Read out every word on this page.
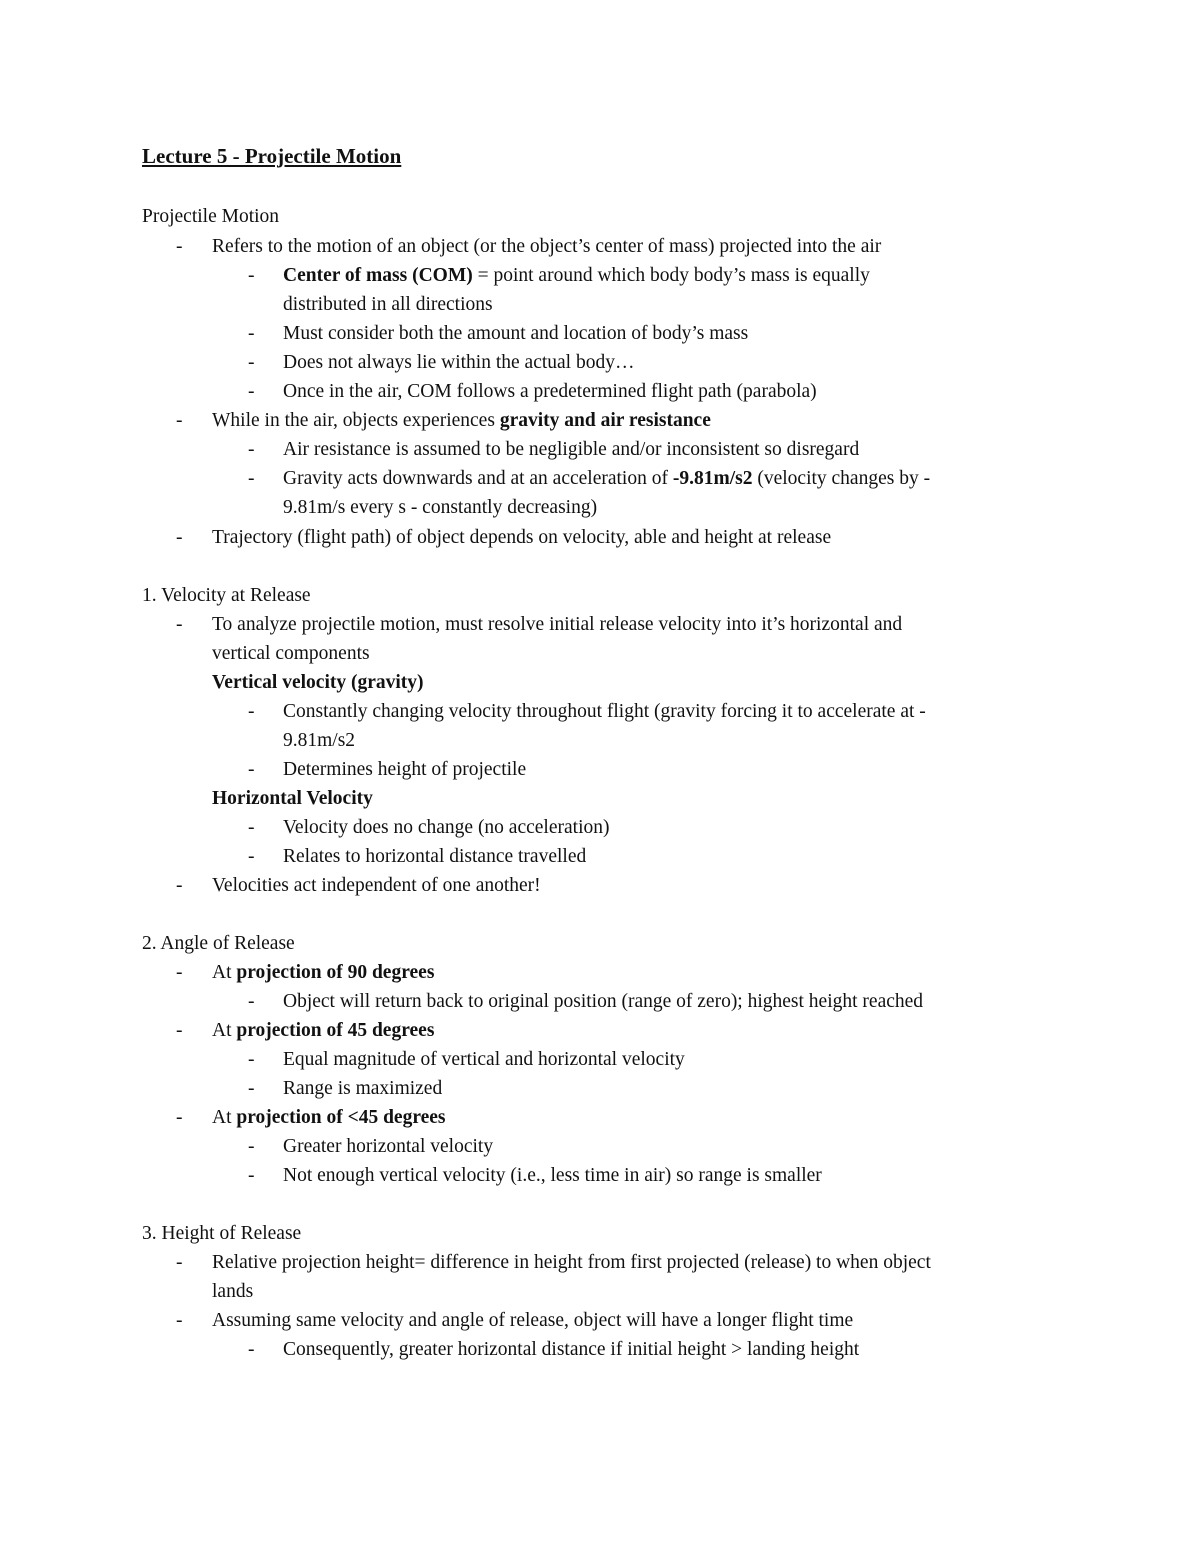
Lecture 5 - Projectile Motion
Projectile Motion
- Refers to the motion of an object (or the object’s center of mass) projected into the air
- Center of mass (COM) = point around which body body’s mass is equally
distributed in all directions
- Must consider both the amount and location of body’s mass
- Does not always lie within the actual body…
- Once in the air, COM follows a predetermined flight path (parabola)
- While in the air, objects experiences gravity and air resistance
- Air resistance is assumed to be negligible and/or inconsistent so disregard
- Gravity acts downwards and at an acceleration of -9.81m/s2 (velocity changes by -
9.81m/s every s - constantly decreasing)
- Trajectory (flight path) of object depends on velocity, able and height at release
1. Velocity at Release
- To analyze projectile motion, must resolve initial release velocity into it’s horizontal and
vertical components
Vertical velocity (gravity)
- Constantly changing velocity throughout flight (gravity forcing it to accelerate at -
9.81m/s2
- Determines height of projectile
Horizontal Velocity
- Velocity does no change (no acceleration)
- Relates to horizontal distance travelled
- Velocities act independent of one another!
2. Angle of Release
- At projection of 90 degrees
- Object will return back to original position (range of zero); highest height reached
- At projection of 45 degrees
- Equal magnitude of vertical and horizontal velocity
- Range is maximized
- At projection of <45 degrees
- Greater horizontal velocity
- Not enough vertical velocity (i.e., less time in air) so range is smaller
3. Height of Release
- Relative projection height= difference in height from first projected (release) to when object
lands
- Assuming same velocity and angle of release, object will have a longer flight time
- Consequently, greater horizontal distance if initial height > landing height
